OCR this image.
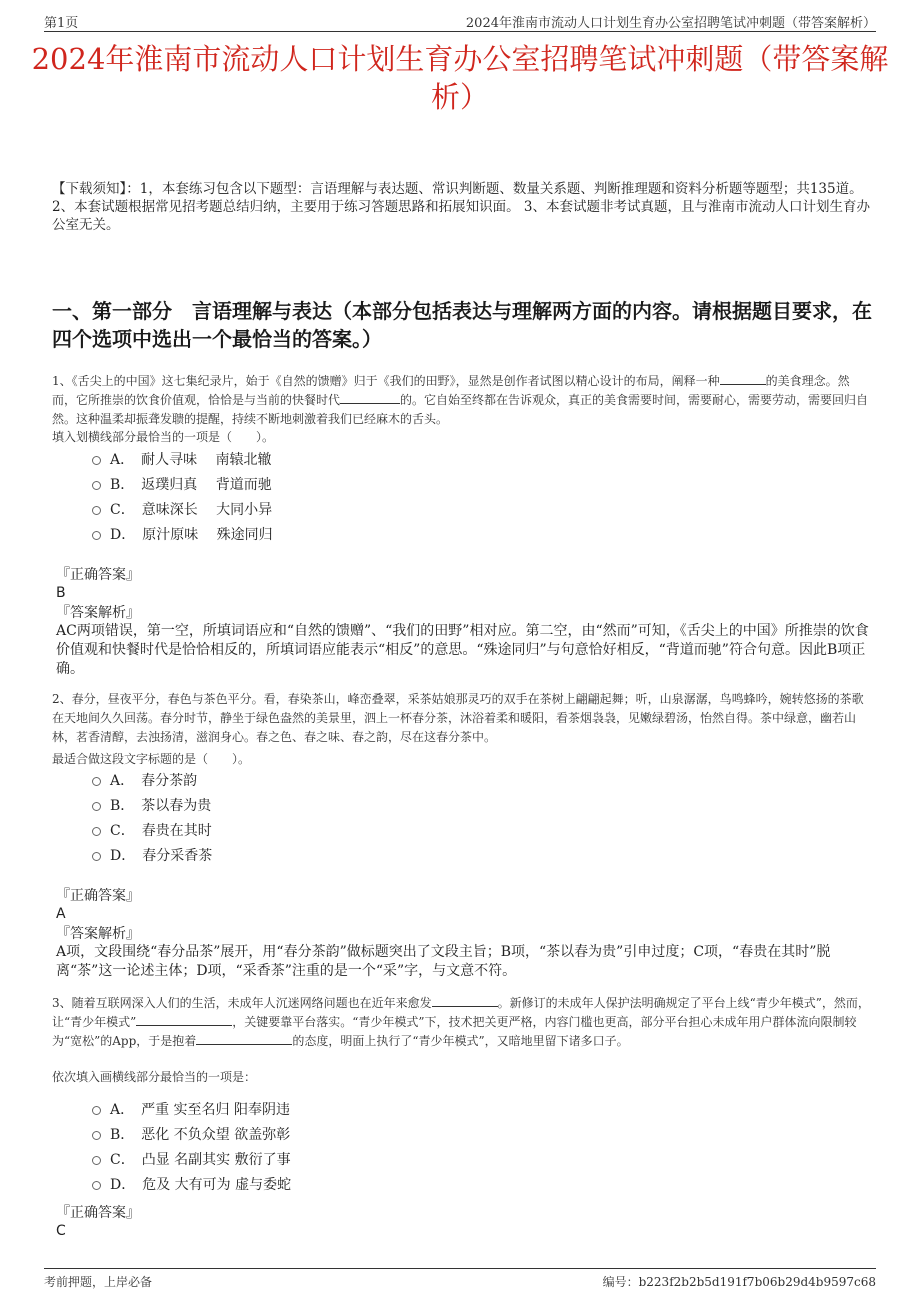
第1页	2024年淮南市流动人口计划生育办公室招聘笔试冲刺题（带答案解析）
2024年淮南市流动人口计划生育办公室招聘笔试冲刺题（带答案解析）

【下载须知】：1，本套练习包含以下题型：言语理解与表达题、常识判断题、数量关系题、判断推理题和资料分析题等题型；共135道。 2、本套试题根据常见招考题总结归纳，主要用于练习答题思路和拓展知识面。 3、本套试题非考试真题，且与淮南市流动人口计划生育办公室无关。

一、第一部分　言语理解与表达（本部分包括表达与理解两方面的内容。请根据题目要求，在四个选项中选出一个最恰当的答案。）

1、《舌尖上的中国》这七集纪录片，始于《自然的馈赠》归于《我们的田野》，显然是创作者试图以精心设计的布局，阐释一种	的美食理念。然而，它所推崇的饮食价值观，恰恰是与当前的快餐时代	的。它自始至终都在告诉观众，真正的美食需要时间，需要耐心，需要劳动，需要回归自然。这种温柔却振聋发聩的提醒，持续不断地刺激着我们已经麻木的舌头。

填入划横线部分最恰当的一项是（　　）。

A．　耐人寻味　 南辕北辙
B．　返璞归真　 背道而驰
C．　意味深长　 大同小异
D．　原汁原味　 殊途同归
『正确答案』
B
『答案解析』

AC两项错误，第一空，所填词语应和“自然的馈赠”、“我们的田野”相对应。第二空，由“然而”可知，《舌尖上的中国》所推崇的饮食价值观和快餐时代是恰恰相反的，所填词语应能表示“相反”的意思。“殊途同归”与句意恰好相反，“背道而驰”符合句意。因此B项正确。

2、春分，昼夜平分，春色与茶色平分。看，春染茶山，峰峦叠翠，采茶姑娘那灵巧的双手在茶树上翩翩起舞；听，山泉潺潺，鸟鸣蜂吟，婉转悠扬的茶歌在天地间久久回荡。春分时节，静坐于绿色盎然的美景里，泗上一杯春分茶，沐浴着柔和暖阳，看茶烟袅袅，见嫩绿碧汤，怡然自得。茶中绿意，幽若山林，茗香清醇，去浊扬清，滋润身心。春之色、春之味、春之韵，尽在这春分茶中。

最适合做这段文字标题的是（　　）。

A．　春分茶韵
B．　茶以春为贵
C．　春贵在其时
D．　春分采香茶
『正确答案』
A
『答案解析』

A项，文段围绕“春分品茶”展开，用“春分茶韵”做标题突出了文段主旨；B项，“茶以春为贵”引申过度；C项，“春贵在其时”脱离“茶”这一论述主体；D项，“采香茶”注重的是一个“采”字，与文意不符。

3、随着互联网深入人们的生活，未成年人沉迷网络问题也在近年来愈发	。新修订的未成年人保护法明确规定了平台上线“青少年模式”，然而，让“青少年模式”	，关键要靠平台落实。“青少年模式”下，技术把关更严格，内容门槛也更高，部分平台担心未成年用户群体流向限制较为“宽松”的App，于是抱着	的态度，明面上执行了“青少年模式”，又暗地里留下诸多口子。

依次填入画横线部分最恰当的一项是：

A．　严重 实至名归 阳奉阴违
B．　恶化 不负众望 欲盖弥彰
C．　凸显 名副其实 敷衍了事
D．　危及 大有可为 虚与委蛇
『正确答案』
C
考前押题，上岸必备	编号：b223f2b2b5d191f7b06b29d4b9597c68
